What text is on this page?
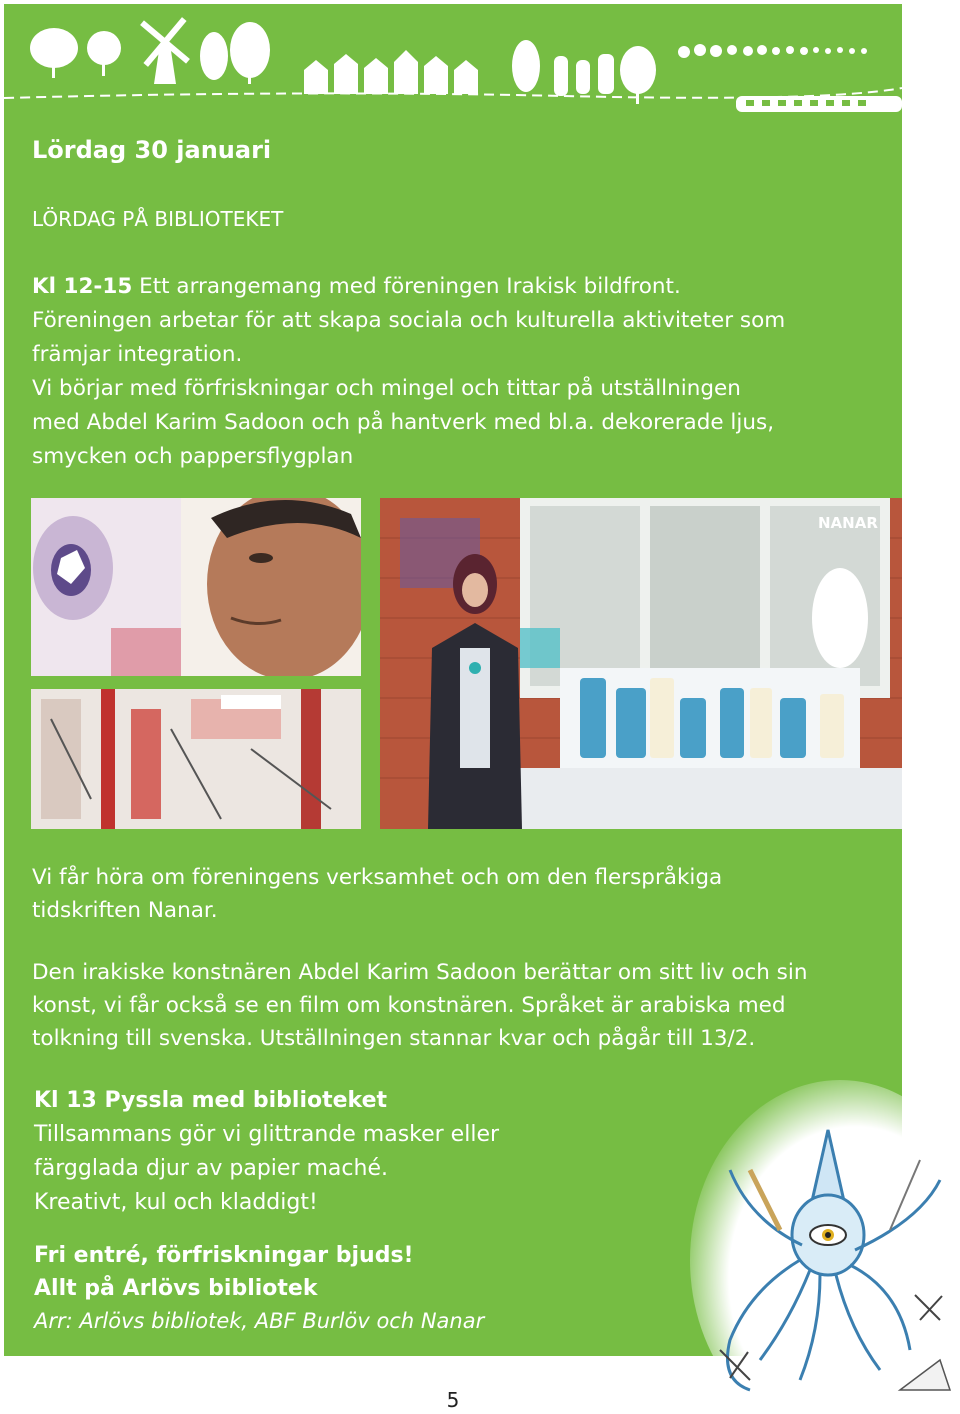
Lördag 30 januari

LÖRDAG PÅ BIBLIOTEKET

Kl 12-15 Ett arrangemang med föreningen Irakisk bildfront.
Föreningen arbetar för att skapa sociala och kulturella aktiviteter som
främjar integration.
Vi börjar med förfriskningar och mingel och tittar på utställningen
med Abdel Karim Sadoon och på hantverk med bl.a. dekorerade ljus,
smycken och pappersflygplan

NANAR

Vi får höra om föreningens verksamhet och om den flerspråkiga
tidskriften Nanar.

Den irakiske konstnären Abdel Karim Sadoon berättar om sitt liv och sin
konst, vi får också se en film om konstnären. Språket är arabiska med
tolkning till svenska. Utställningen stannar kvar och pågår till 13/2.

Kl 13 Pyssla med biblioteket
Tillsammans gör vi glittrande masker eller
färgglada djur av papier maché.
Kreativt, kul och kladdigt!

Fri entré, förfriskningar bjuds!
Allt på Arlövs bibliotek
Arr: Arlövs bibliotek, ABF Burlöv och Nanar

5
